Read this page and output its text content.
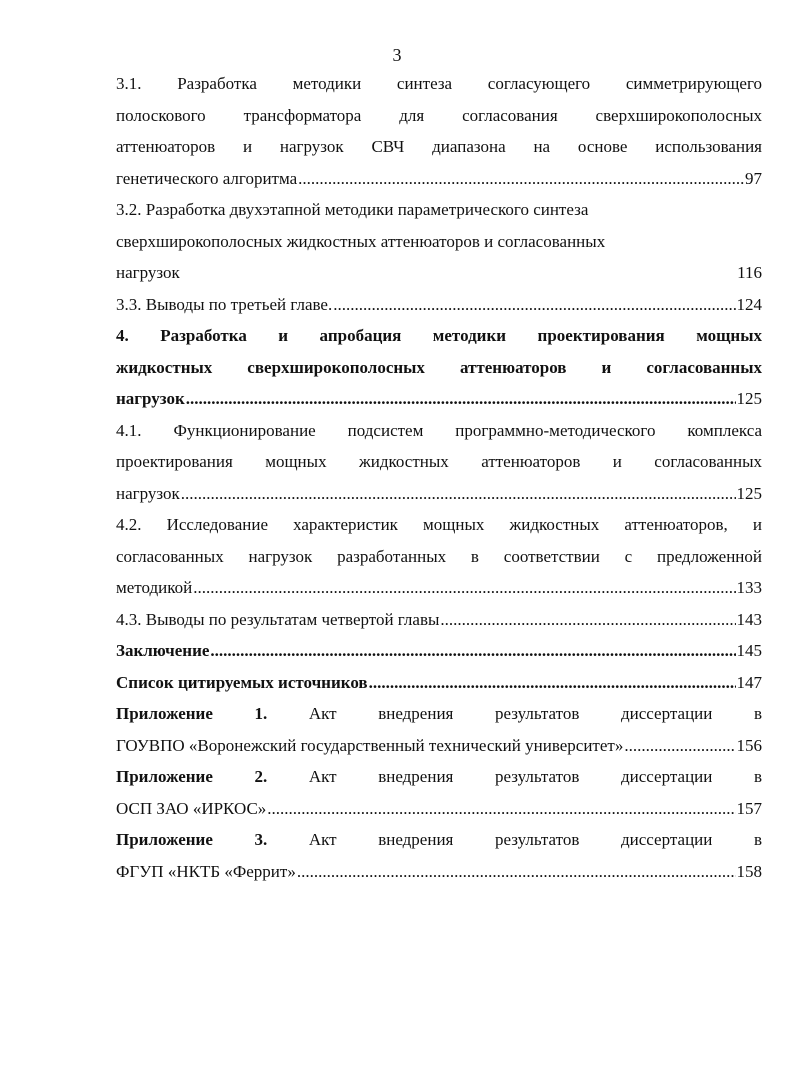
3
3.1. Разработка методики синтеза согласующего симметрирующего
полоскового трансформатора для согласования сверхширокополосных
аттенюаторов и нагрузок СВЧ диапазона на основе использования
генетического алгоритма .....	97
3.2. Разработка двухэтапной методики параметрического синтеза
сверхширокополосных жидкостных аттенюаторов и согласованных
нагрузок	116
3.3. Выводы по третьей главе. .....	124
4. Разработка и апробация методики проектирования мощных
жидкостных сверхширокополосных аттенюаторов и согласованных
нагрузок .....	125
4.1. Функционирование подсистем программно-методического комплекса
проектирования мощных жидкостных аттенюаторов и согласованных
нагрузок .....	125
4.2. Исследование характеристик мощных жидкостных аттенюаторов, и
согласованных нагрузок разработанных в соответствии с предложенной
методикой .....	133
4.3. Выводы по результатам четвертой главы .....	143
Заключение .....	145
Список цитируемых источников .....	147
Приложение 1. Акт внедрения результатов диссертации в
ГОУВПО «Воронежский государственный технический университет» .....	156
Приложение 2. Акт внедрения результатов диссертации в
ОСП ЗАО «ИРКОС» .....	157
Приложение 3. Акт внедрения результатов диссертации в
ФГУП «НКТБ «Феррит» .....	158
